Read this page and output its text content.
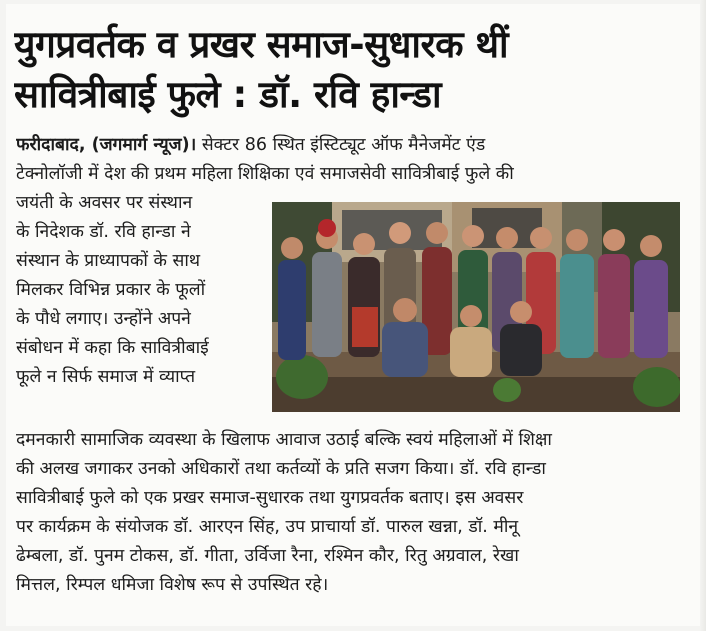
युगप्रवर्तक व प्रखर समाज-सुधारक थीं
सावित्रीबाई फुले : डॉ. रवि हान्डा
फरीदाबाद, (जगमार्ग न्यूज)। सेक्टर 86 स्थित इंस्टिट्यूट ऑफ मैनेजमेंट एंड
टेक्नोलॉजी में देश की प्रथम महिला शिक्षिका एवं समाजसेवी सावित्रीबाई फुले की
जयंती के अवसर पर संस्थान
के निदेशक डॉ. रवि हान्डा ने
संस्थान के प्राध्यापकों के साथ
मिलकर विभिन्न प्रकार के फूलों
के पौधे लगाए। उन्होंने अपने
संबोधन में कहा कि सावित्रीबाई
फूले न सिर्फ समाज में व्याप्त
दमनकारी सामाजिक व्यवस्था के खिलाफ आवाज उठाई बल्कि स्वयं महिलाओं में शिक्षा
की अलख जगाकर उनको अधिकारों तथा कर्तव्यों के प्रति सजग किया। डॉ. रवि हान्डा
सावित्रीबाई फुले को एक प्रखर समाज-सुधारक तथा युगप्रवर्तक बताए। इस अवसर
पर कार्यक्रम के संयोजक डॉ. आरएन सिंह, उप प्राचार्या डॉ. पारुल खन्ना, डॉ. मीनू
ढेम्बला, डॉ. पुनम टोकस, डॉ. गीता, उर्विजा रैना, रश्मिन कौर, रितु अग्रवाल, रेखा
मित्तल, रिम्पल धमिजा विशेष रूप से उपस्थित रहे।
